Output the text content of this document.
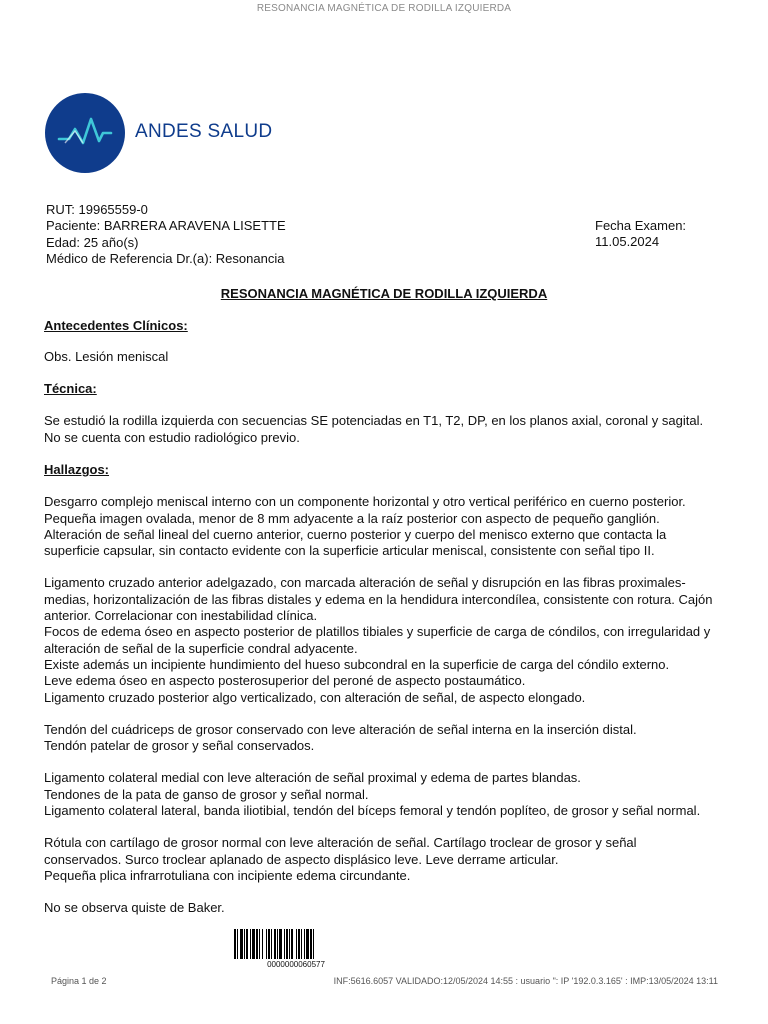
RESONANCIA MAGNÉTICA DE RODILLA IZQUIERDA
ANDES SALUD
RUT: 19965559-0
Paciente: BARRERA ARAVENA LISETTE
Edad: 25 año(s)
Médico de Referencia Dr.(a): Resonancia
Fecha Examen:
11.05.2024
RESONANCIA MAGNÉTICA DE RODILLA IZQUIERDA
Antecedentes Clínicos:
Obs. Lesión meniscal
Técnica:
Se estudió la rodilla izquierda con secuencias SE potenciadas en T1, T2, DP, en los planos axial, coronal y sagital.
No se cuenta con estudio radiológico previo.
Hallazgos:
Desgarro complejo meniscal interno con un componente horizontal y otro vertical periférico en cuerno posterior.
Pequeña imagen ovalada, menor de 8 mm adyacente a la raíz posterior con aspecto de pequeño ganglión.
Alteración de señal lineal del cuerno anterior, cuerno posterior y cuerpo del menisco externo que contacta la
superficie capsular, sin contacto evidente con la superficie articular meniscal, consistente con señal tipo II.
Ligamento cruzado anterior adelgazado, con marcada alteración de señal y disrupción en las fibras proximales-
medias, horizontalización de las fibras distales y edema en la hendidura intercondílea, consistente con rotura. Cajón
anterior. Correlacionar con inestabilidad clínica.
Focos de edema óseo en aspecto posterior de platillos tibiales y superficie de carga de cóndilos, con irregularidad y
alteración de señal de la superficie condral adyacente.
Existe además un incipiente hundimiento del hueso subcondral en la superficie de carga del cóndilo externo.
Leve edema óseo en aspecto posterosuperior del peroné de aspecto postaumático.
Ligamento cruzado posterior algo verticalizado, con alteración de señal, de aspecto elongado.
Tendón del cuádriceps de grosor conservado con leve alteración de señal interna en la inserción distal.
Tendón patelar de grosor y señal conservados.
Ligamento colateral medial con leve alteración de señal proximal y edema de partes blandas.
Tendones de la pata de ganso de grosor y señal normal.
Ligamento colateral lateral, banda iliotibial, tendón del bíceps femoral y tendón poplíteo, de grosor y señal normal.
Rótula con cartílago de grosor normal con leve alteración de señal. Cartílago troclear de grosor y señal
conservados. Surco troclear aplanado de aspecto displásico leve. Leve derrame articular.
Pequeña plica infrarrotuliana con incipiente edema circundante.
No se observa quiste de Baker.
0000000060577
Página 1 de 2	INF:5616.6057 VALIDADO:12/05/2024 14:55 : usuario ": IP '192.0.3.165' : IMP:13/05/2024 13:11
